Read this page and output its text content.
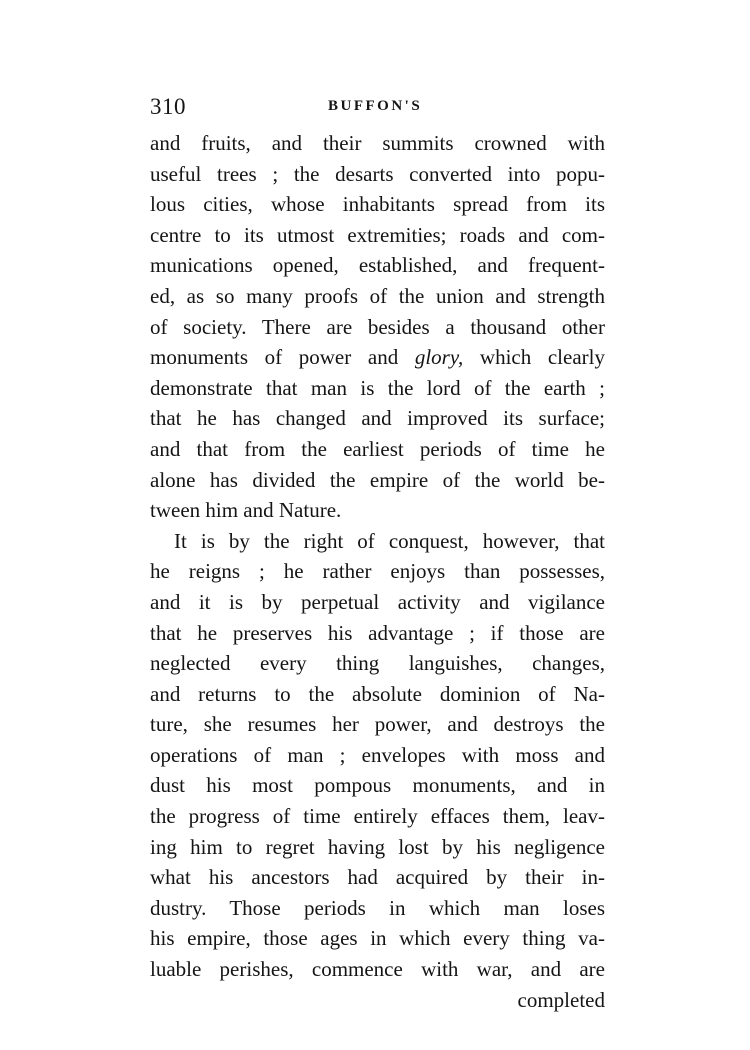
310	BUFFON'S
and fruits, and their summits crowned with
useful trees ; the desarts converted into popu-
lous cities, whose inhabitants spread from its
centre to its utmost extremities; roads and com-
munications opened, established, and frequent-
ed, as so many proofs of the union and strength
of society. There are besides a thousand other
monuments of power and glory, which clearly
demonstrate that man is the lord of the earth ;
that he has changed and improved its surface;
and that from the earliest periods of time he
alone has divided the empire of the world be-
tween him and Nature.
It is by the right of conquest, however, that
he reigns ; he rather enjoys than possesses,
and it is by perpetual activity and vigilance
that he preserves his advantage ; if those are
neglected every thing languishes, changes,
and returns to the absolute dominion of Na-
ture, she resumes her power, and destroys the
operations of man ; envelopes with moss and
dust his most pompous monuments, and in
the progress of time entirely effaces them, leav-
ing him to regret having lost by his negligence
what his ancestors had acquired by their in-
dustry. Those periods in which man loses
his empire, those ages in which every thing va-
luable perishes, commence with war, and are
completed
